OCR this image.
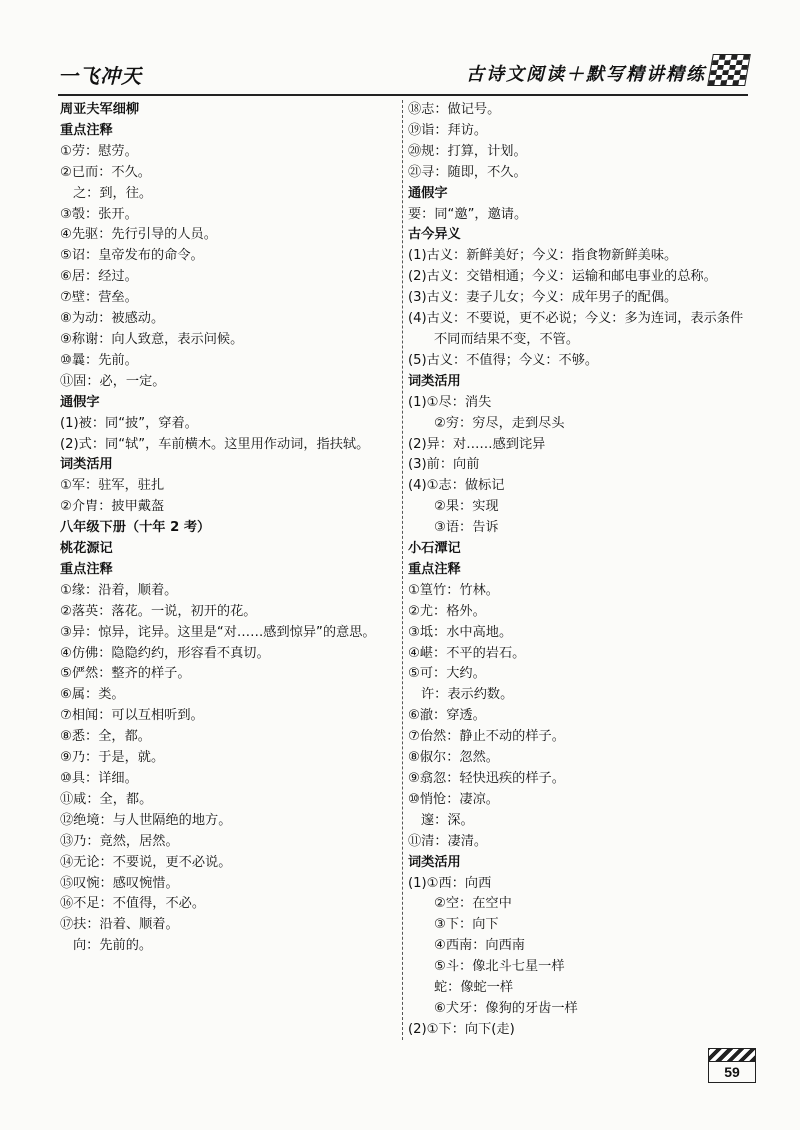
一飞冲天	古诗文阅读＋默写精讲精练
周亚夫军细柳
重点注释
①劳：慰劳。
②已而：不久。
之：到，往。
③彀：张开。
④先驱：先行引导的人员。
⑤诏：皇帝发布的命令。
⑥居：经过。
⑦壁：营垒。
⑧为动：被感动。
⑨称谢：向人致意，表示问候。
⑩曩：先前。
⑪固：必，一定。
通假字
(1)被：同“披”，穿着。
(2)式：同“轼”，车前横木。这里用作动词，指扶轼。
词类活用
①军：驻军，驻扎
②介胄：披甲戴盔
八年级下册（十年 2 考）
桃花源记
重点注释
①缘：沿着，顺着。
②落英：落花。一说，初开的花。
③异：惊异，诧异。这里是“对……感到惊异”的意思。
④仿佛：隐隐约约，形容看不真切。
⑤俨然：整齐的样子。
⑥属：类。
⑦相闻：可以互相听到。
⑧悉：全，都。
⑨乃：于是，就。
⑩具：详细。
⑪咸：全，都。
⑫绝境：与人世隔绝的地方。
⑬乃：竟然，居然。
⑭无论：不要说，更不必说。
⑮叹惋：感叹惋惜。
⑯不足：不值得，不必。
⑰扶：沿着、顺着。
向：先前的。
⑱志：做记号。
⑲诣：拜访。
⑳规：打算，计划。
㉑寻：随即，不久。
通假字
要：同“邀”，邀请。
古今异义
(1)古义：新鲜美好；今义：指食物新鲜美味。
(2)古义：交错相通；今义：运输和邮电事业的总称。
(3)古义：妻子儿女；今义：成年男子的配偶。
(4)古义：不要说，更不必说；今义：多为连词，表示条件
不同而结果不变，不管。
(5)古义：不值得；今义：不够。
词类活用
(1)①尽：消失
②穷：穷尽，走到尽头
(2)异：对……感到诧异
(3)前：向前
(4)①志：做标记
②果：实现
③语：告诉
小石潭记
重点注释
①篁竹：竹林。
②尤：格外。
③坻：水中高地。
④嵁：不平的岩石。
⑤可：大约。
许：表示约数。
⑥澈：穿透。
⑦佁然：静止不动的样子。
⑧俶尔：忽然。
⑨翕忽：轻快迅疾的样子。
⑩悄怆：凄凉。
邃：深。
⑪清：凄清。
词类活用
(1)①西：向西
②空：在空中
③下：向下
④西南：向西南
⑤斗：像北斗七星一样
蛇：像蛇一样
⑥犬牙：像狗的牙齿一样
(2)①下：向下(走)
59
